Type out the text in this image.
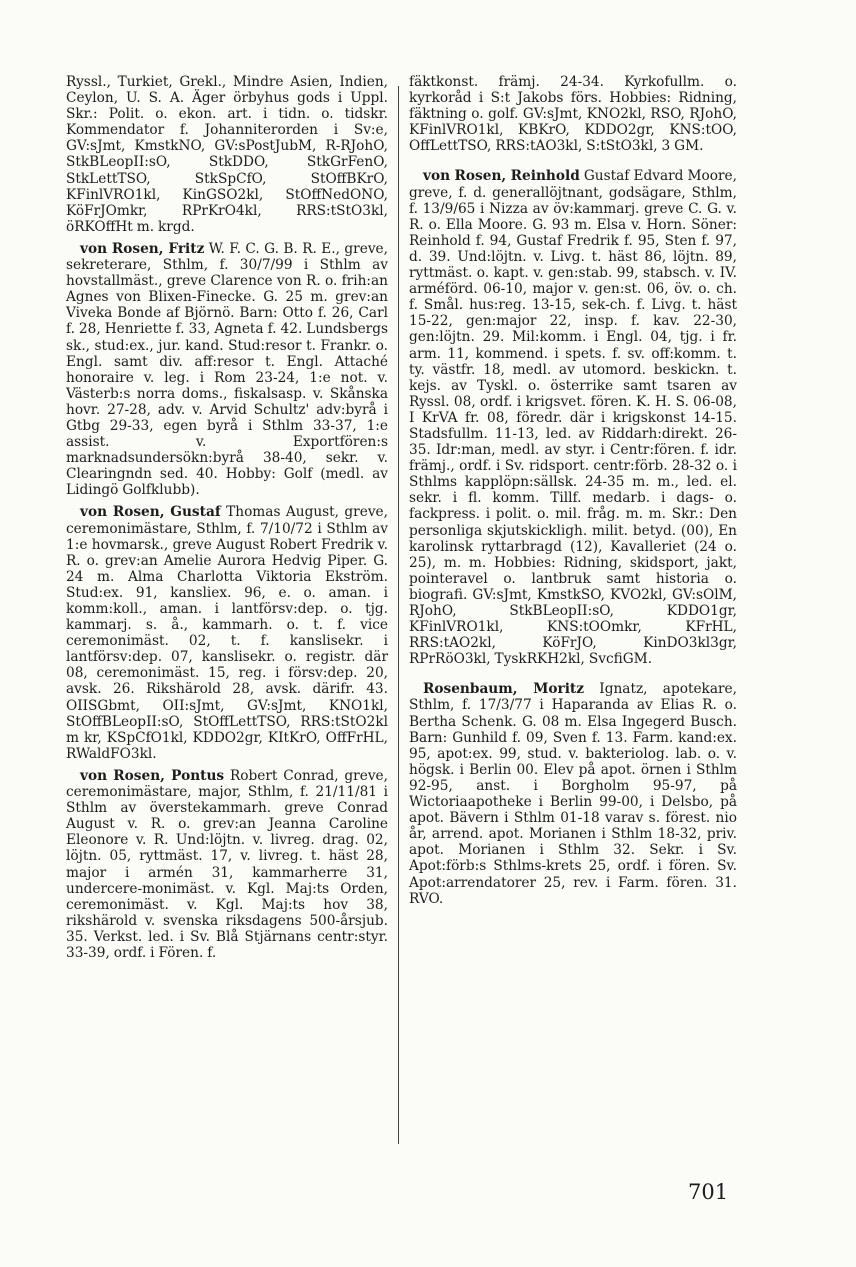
Ryssl., Turkiet, Grekl., Mindre Asien, Indien, Ceylon, U. S. A. Äger örbyhus gods i Uppl. Skr.: Polit. o. ekon. art. i tidn. o. tidskr. Kommendator f. Johanniterorden i Sv:e, GV:sJmt, KmstkNO, GV:sPostJubM, R-RJohO, StkBLeopII:sO, StkDDO, StkGrFenO, StkLettTSO, StkSpCfO, StOffBKrO, KFinlVRO1kl, KinGSO2kl, StOffNedONO, KöFrJOmkr, RPrKrO4kl, RRS:tStO3kl, öRKOffHt m. krgd.

von Rosen, Fritz W. F. C. G. B. R. E., greve, sekreterare, Sthlm, f. 30/7/99 i Sthlm av hovstallmäst., greve Clarence von R. o. frih:an Agnes von Blixen-Finecke. G. 25 m. grev:an Viveka Bonde af Björnö. Barn: Otto f. 26, Carl f. 28, Henriette f. 33, Agneta f. 42. Lundsbergs sk., stud:ex., jur. kand. Stud:resor t. Frankr. o. Engl. samt div. aff:resor t. Engl. Attaché honoraire v. leg. i Rom 23-24, 1:e not. v. Västerb:s norra doms., fiskalsasp. v. Skånska hovr. 27-28, adv. v. Arvid Schultz' adv:byrå i Gtbg 29-33, egen byrå i Sthlm 33-37, 1:e assist. v. Exportfören:s marknadsundersökn:byrå 38-40, sekr. v. Clearingndn sed. 40. Hobby: Golf (medl. av Lidingö Golfklubb).

von Rosen, Gustaf Thomas August, greve, ceremonimästare, Sthlm, f. 7/10/72 i Sthlm av 1:e hovmarsk., greve August Robert Fredrik v. R. o. grev:an Amelie Aurora Hedvig Piper. G. 24 m. Alma Charlotta Viktoria Ekström. Stud:ex. 91, kansliex. 96, e. o. aman. i komm:koll., aman. i lantförsv:dep. o. tjg. kammarj. s. å., kammarh. o. t. f. vice ceremonimäst. 02, t. f. kanslisekr. i lantförsv:dep. 07, kanslisekr. o. registr. där 08, ceremonimäst. 15, reg. i försv:dep. 20, avsk. 26. Rikshärold 28, avsk. därifr. 43. OIISGbmt, OII:sJmt, GV:sJmt, KNO1kl, StOffBLeopII:sO, StOffLettTSO, RRS:tStO2kl m kr, KSpCfO1kl, KDDO2gr, KItKrO, OffFrHL, RWaldFO3kl.

von Rosen, Pontus Robert Conrad, greve, ceremonimästare, major, Sthlm, f. 21/11/81 i Sthlm av överstekammarh. greve Conrad August v. R. o. grev:an Jeanna Caroline Eleonore v. R. Und:löjtn. v. livreg. drag. 02, löjtn. 05, ryttmäst. 17, v. livreg. t. häst 28, major i armén 31, kammarherre 31, undercere-monimäst. v. Kgl. Maj:ts Orden, ceremonimäst. v. Kgl. Maj:ts hov 38, rikshärold v. svenska riksdagens 500-årsjub. 35. Verkst. led. i Sv. Blå Stjärnans centr:styr. 33-39, ordf. i Fören. f.

fäktkonst. främj. 24-34. Kyrkofullm. o. kyrkoråd i S:t Jakobs förs. Hobbies: Ridning, fäktning o. golf. GV:sJmt, KNO2kl, RSO, RJohO, KFinlVRO1kl, KBKrO, KDDO2gr, KNS:tOO, OffLettTSO, RRS:tAO3kl, S:tStO3kl, 3 GM.

von Rosen, Reinhold Gustaf Edvard Moore, greve, f. d. generallöjtnant, godsägare, Sthlm, f. 13/9/65 i Nizza av öv:kammarj. greve C. G. v. R. o. Ella Moore. G. 93 m. Elsa v. Horn. Söner: Reinhold f. 94, Gustaf Fredrik f. 95, Sten f. 97, d. 39. Und:löjtn. v. Livg. t. häst 86, löjtn. 89, ryttmäst. o. kapt. v. gen:stab. 99, stabsch. v. IV. arméförd. 06-10, major v. gen:st. 06, öv. o. ch. f. Smål. hus:reg. 13-15, sek-ch. f. Livg. t. häst 15-22, gen:major 22, insp. f. kav. 22-30, gen:löjtn. 29. Mil:komm. i Engl. 04, tjg. i fr. arm. 11, kommend. i spets. f. sv. off:komm. t. ty. västfr. 18, medl. av utomord. beskickn. t. kejs. av Tyskl. o. österrike samt tsaren av Ryssl. 08, ordf. i krigsvet. fören. K. H. S. 06-08, I KrVA fr. 08, föredr. där i krigskonst 14-15. Stadsfullm. 11-13, led. av Riddarh:direkt. 26-35. Idr:man, medl. av styr. i Centr:fören. f. idr. främj., ordf. i Sv. ridsport. centr:förb. 28-32 o. i Sthlms kapplöpn:sällsk. 24-35 m. m., led. el. sekr. i fl. komm. Tillf. medarb. i dags- o. fackpress. i polit. o. mil. fråg. m. m. Skr.: Den personliga skjutskickligh. milit. betyd. (00), En karolinsk ryttarbragd (12), Kavalleriet (24 o. 25), m. m. Hobbies: Ridning, skidsport, jakt, pointeravel o. lantbruk samt historia o. biografi. GV:sJmt, KmstkSO, KVO2kl, GV:sOlM, RJohO, StkBLeopII:sO, KDDO1gr, KFinlVRO1kl, KNS:tOOmkr, KFrHL, RRS:tAO2kl, KöFrJO, KinDO3kl3gr, RPrRöO3kl, TyskRKH2kl, SvcfiGM.

Rosenbaum, Moritz Ignatz, apotekare, Sthlm, f. 17/3/77 i Haparanda av Elias R. o. Bertha Schenk. G. 08 m. Elsa Ingegerd Busch. Barn: Gunhild f. 09, Sven f. 13. Farm. kand:ex. 95, apot:ex. 99, stud. v. bakteriolog. lab. o. v. högsk. i Berlin 00. Elev på apot. örnen i Sthlm 92-95, anst. i Borgholm 95-97, på Wictoriaapotheke i Berlin 99-00, i Delsbo, på apot. Bävern i Sthlm 01-18 varav s. förest. nio år, arrend. apot. Morianen i Sthlm 18-32, priv. apot. Morianen i Sthlm 32. Sekr. i Sv. Apot:förb:s Sthlms-krets 25, ordf. i fören. Sv. Apot:arrendatorer 25, rev. i Farm. fören. 31. RVO.

701
